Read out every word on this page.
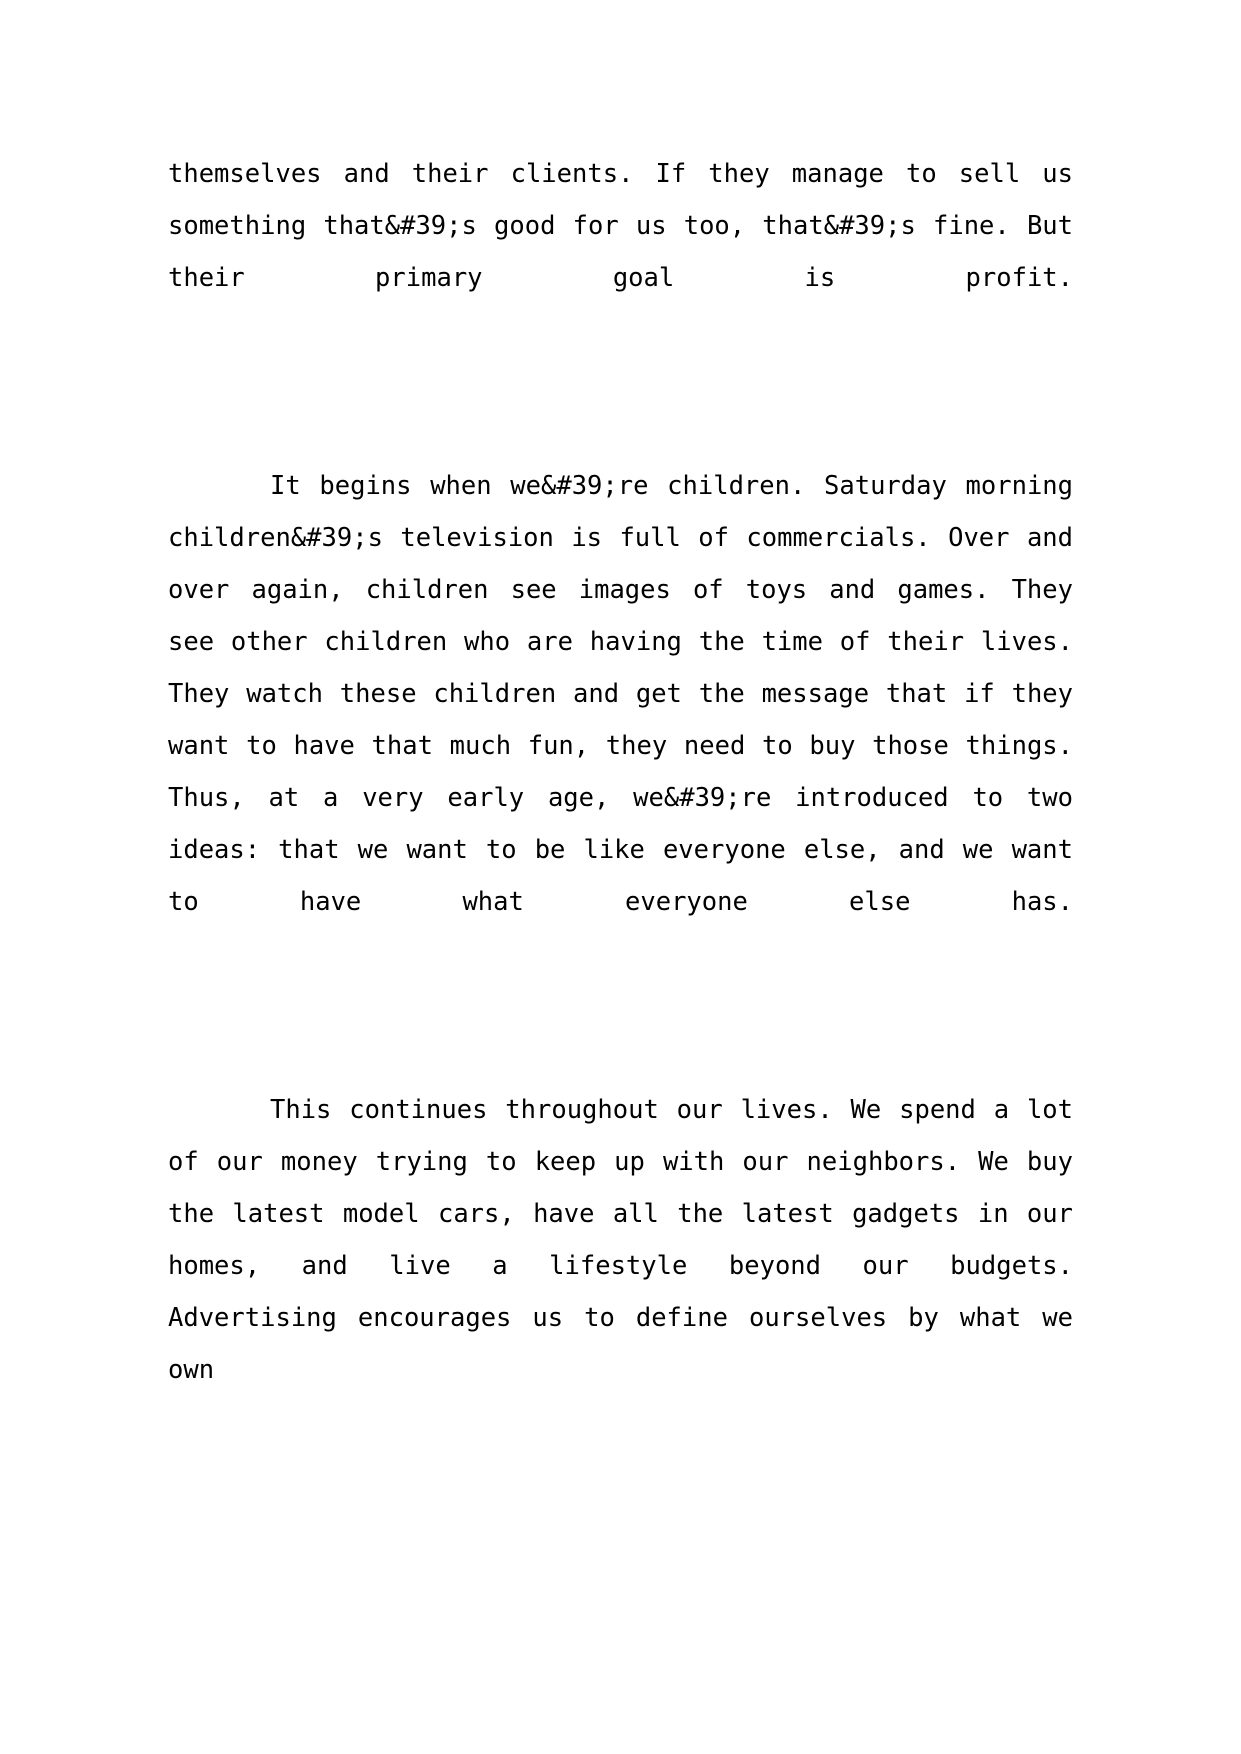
themselves and their clients. If they manage to sell us something that&#39;s good for us too, that&#39;s fine. But their primary goal is profit.

It begins when we&#39;re children. Saturday morning children&#39;s television is full of commercials. Over and over again, children see images of toys and games. They see other children who are having the time of their lives. They watch these children and get the message that if they want to have that much fun, they need to buy those things. Thus, at a very early age, we&#39;re introduced to two ideas: that we want to be like everyone else, and we want to have what everyone else has.

This continues throughout our lives. We spend a lot of our money trying to keep up with our neighbors. We buy the latest model cars, have all the latest gadgets in our homes, and live a lifestyle beyond our budgets. Advertising encourages us to define ourselves by what we own
